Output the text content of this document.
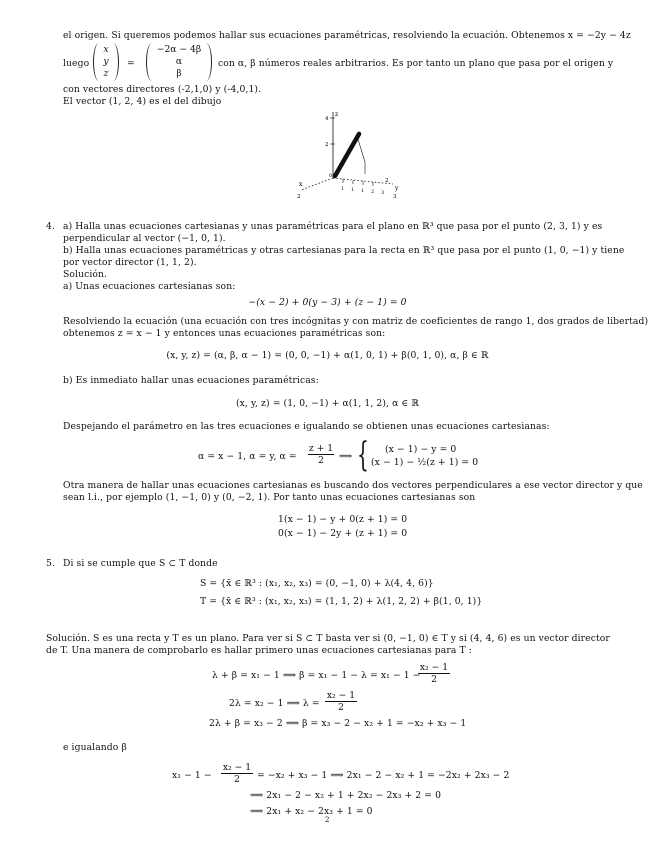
el origen. Si queremos podemos hallar sus ecuaciones paramétricas, resolviendo la ecuación. Obtenemos x = −2y − 4z
luego
x
y
z
=
−2α − 4β
α
β
con α, β números reales arbitrarios. Es por tanto un plano que pasa por el origen y
con vectores directores (-2,1,0) y (-4,0,1).
El vector (1, 2, 4) es el del dibujo
z
x
y
4
2
2
2
3
1 1 1 2 3
0
4. a) Halla unas ecuaciones cartesianas y unas paramétricas para el plano en ℝ³ que pasa por el punto (2, 3, 1) y es
perpendicular al vector (−1, 0, 1).
b) Halla unas ecuaciones paramétricas y otras cartesianas para la recta en ℝ³ que pasa por el punto (1, 0, −1) y tiene
por vector director (1, 1, 2).
Solución.
a) Unas ecuaciones cartesianas son:
−(x − 2) + 0(y − 3) + (z − 1) = 0
Resolviendo la ecuación (una ecuación con tres incógnitas y con matriz de coeficientes de rango 1, dos grados de libertad)
obtenemos z = x − 1 y entonces unas ecuaciones paramétricas son:
(x, y, z) = (α, β, α − 1) = (0, 0, −1) + α(1, 0, 1) + β(0, 1, 0), α, β ∈ ℝ
b) Es inmediato hallar unas ecuaciones paramétricas:
(x, y, z) = (1, 0, −1) + α(1, 1, 2), α ∈ ℝ
Despejando el parámetro en las tres ecuaciones e igualando se obtienen unas ecuaciones cartesianas:
α = x − 1, α = y, $\alpha = \frac{z + 1}{2}$ ⟹ { (x − 1) − y = 0
(x − 1) − ½(z + 1) = 0
Otra manera de hallar unas ecuaciones cartesianas es buscando dos vectores perpendiculares a ese vector director y que
sean l.i., por ejemplo (1, −1, 0) y (0, −2, 1). Por tanto unas ecuaciones cartesianas son
1(x − 1) − y + 0(z + 1) = 0
0(x − 1) − 2y + (z + 1) = 0
5. Di si se cumple que S ⊂ T donde
S = {x̄ ∈ ℝ³ : (x₁, x₂, x₃) = (0, −1, 0) + λ(4, 4, 6)}
T = {x̄ ∈ ℝ³ : (x₁, x₂, x₃) = (1, 1, 2) + λ(1, 2, 2) + β(1, 0, 1)}
Solución. S es una recta y T es un plano. Para ver si S ⊂ T basta ver si (0, −1, 0) ∈ T y si (4, 4, 6) es un vector director
de T. Una manera de comprobarlo es hallar primero unas ecuaciones cartesianas para T :
λ + β = x₁ − 1 ⟹ β = x₁ − 1 − λ = x₁ − 1 −
$\frac{\text{x₂ − 1}}{2}$
2λ = x₂ − 1 ⟹ $\lambda = \frac{\text{x₂ − 1}}{2}$
2λ + β = x₃ − 2 ⟹ β = x₃ − 2 − x₂ + 1 = −x₂ + x₃ − 1
e igualando β
$x_1 - 1 - \frac{\text{x₂ − 1}}{2} = -x_2 + x_3 - 1$ ⟹ 2x₁ − 2 − x₂ + 1 = −2x₂ + 2x₃ − 2
⟹ 2x₁ − 2 − x₂ + 1 + 2x₂ − 2x₃ + 2 = 0
⟹ 2x₁ + x₂ − 2x₃ + 1 = 0
2
